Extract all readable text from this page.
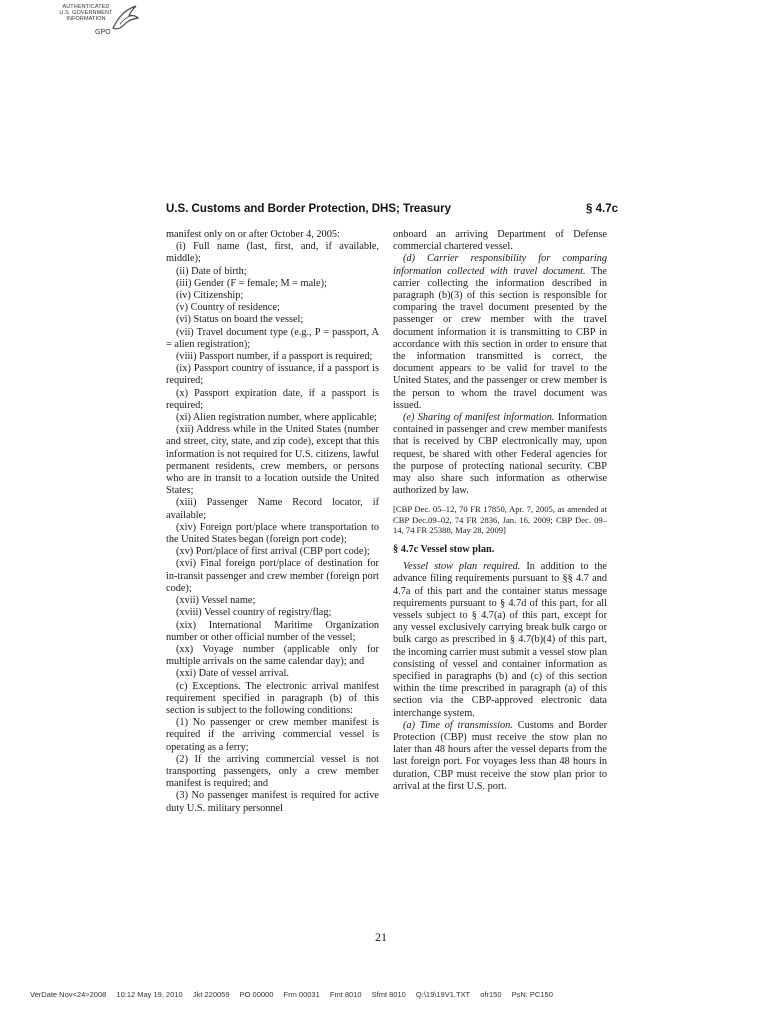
AUTHENTICATED
U.S. GOVERNMENT
INFORMATION
GPO
U.S. Customs and Border Protection, DHS; Treasury	§ 4.7c

manifest only on or after October 4, 2005:

(i) Full name (last, first, and, if available, middle);

(ii) Date of birth;

(iii) Gender (F = female; M = male);

(iv) Citizenship;

(v) Country of residence;

(vi) Status on board the vessel;

(vii) Travel document type (e.g., P = passport, A = alien registration);

(viii) Passport number, if a passport is required;

(ix) Passport country of issuance, if a passport is required;

(x) Passport expiration date, if a passport is required;

(xi) Alien registration number, where applicable;

(xii) Address while in the United States (number and street, city, state, and zip code), except that this information is not required for U.S. citizens, lawful permanent residents, crew members, or persons who are in transit to a location outside the United States;

(xiii) Passenger Name Record locator, if available;

(xiv) Foreign port/place where transportation to the United States began (foreign port code);

(xv) Port/place of first arrival (CBP port code);

(xvi) Final foreign port/place of destination for in-transit passenger and crew member (foreign port code);

(xvii) Vessel name;

(xviii) Vessel country of registry/flag;

(xix) International Maritime Organization number or other official number of the vessel;

(xx) Voyage number (applicable only for multiple arrivals on the same calendar day); and

(xxi) Date of vessel arrival.

(c) Exceptions. The electronic arrival manifest requirement specified in paragraph (b) of this section is subject to the following conditions:

(1) No passenger or crew member manifest is required if the arriving commercial vessel is operating as a ferry;

(2) If the arriving commercial vessel is not transporting passengers, only a crew member manifest is required; and

(3) No passenger manifest is required for active duty U.S. military personnel

onboard an arriving Department of Defense commercial chartered vessel.

(d) Carrier responsibility for comparing information collected with travel document. The carrier collecting the information described in paragraph (b)(3) of this section is responsible for comparing the travel document presented by the passenger or crew member with the travel document information it is transmitting to CBP in accordance with this section in order to ensure that the information transmitted is correct, the document appears to be valid for travel to the United States, and the passenger or crew member is the person to whom the travel document was issued.

(e) Sharing of manifest information. Information contained in passenger and crew member manifests that is received by CBP electronically may, upon request, be shared with other Federal agencies for the purpose of protecting national security. CBP may also share such information as otherwise authorized by law.

[CBP Dec. 05–12, 70 FR 17850, Apr. 7, 2005, as amended at CBP Dec.09–02, 74 FR 2836, Jan. 16, 2009; CBP Dec. 09–14, 74 FR 25388, May 28, 2009]

§ 4.7c Vessel stow plan.

Vessel stow plan required. In addition to the advance filing requirements pursuant to §§ 4.7 and 4.7a of this part and the container status message requirements pursuant to § 4.7d of this part, for all vessels subject to § 4.7(a) of this part, except for any vessel exclusively carrying break bulk cargo or bulk cargo as prescribed in § 4.7(b)(4) of this part, the incoming carrier must submit a vessel stow plan consisting of vessel and container information as specified in paragraphs (b) and (c) of this section within the time prescribed in paragraph (a) of this section via the CBP-approved electronic data interchange system.

(a) Time of transmission. Customs and Border Protection (CBP) must receive the stow plan no later than 48 hours after the vessel departs from the last foreign port. For voyages less than 48 hours in duration, CBP must receive the stow plan prior to arrival at the first U.S. port.

21
VerDate Nov<24>2008 10:12 May 19, 2010 Jkt 220059 PO 00000 Frm 00031 Fmt 8010 Sfmt 8010 Q:\19\19V1.TXT ofr150 PsN: PC150
